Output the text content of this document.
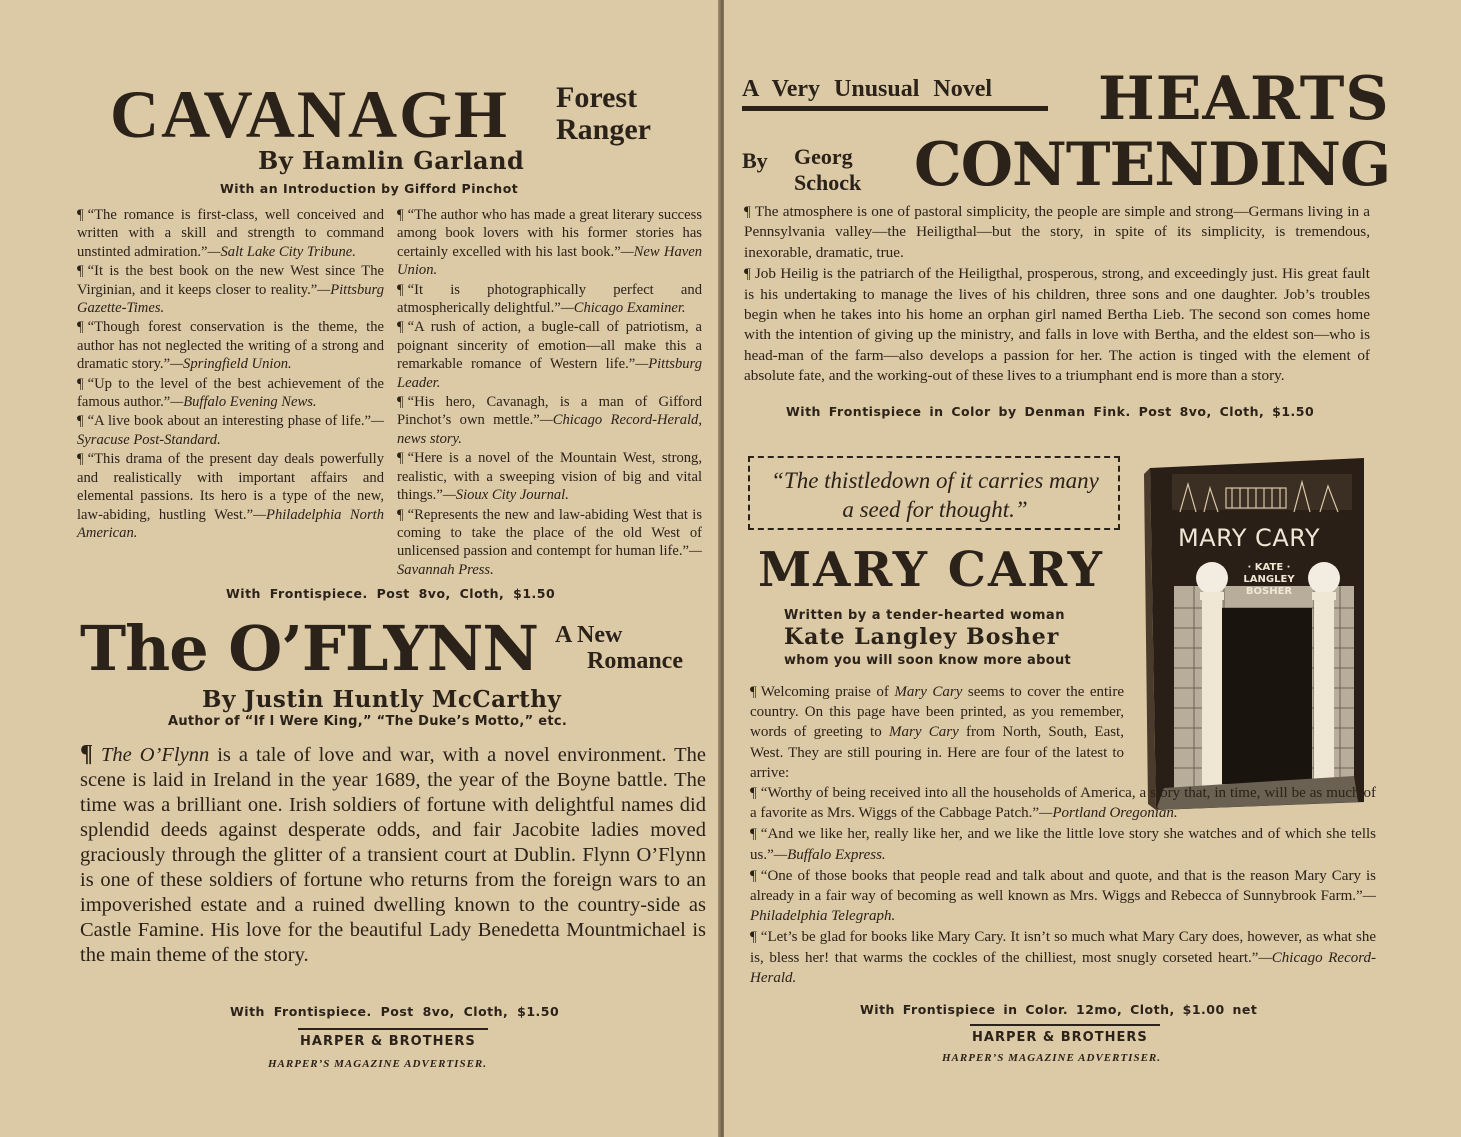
CAVANAGH Forest
Ranger
By Hamlin Garland
With an Introduction by Gifford Pinchot

¶ “The romance is first-class, well conceived and written with a skill and strength to command unstinted admiration.”—Salt Lake City Tribune.

¶ “It is the best book on the new West since The Virginian, and it keeps closer to reality.”—Pittsburg Gazette-Times.

¶ “Though forest conservation is the theme, the author has not neglected the writing of a strong and dramatic story.”—Springfield Union.

¶ “Up to the level of the best achievement of the famous author.”—Buffalo Evening News.

¶ “A live book about an interesting phase of life.”—Syracuse Post-Standard.

¶ “This drama of the present day deals powerfully and realistically with important affairs and elemental passions. Its hero is a type of the new, law-abiding, hustling West.”—Philadelphia North American.

¶ “The author who has made a great literary success among book lovers with his former stories has certainly excelled with his last book.”—New Haven Union.

¶ “It is photographically perfect and atmospherically delightful.”—Chicago Examiner.

¶ “A rush of action, a bugle-call of patriotism, a poignant sincerity of emotion—all make this a remarkable romance of Western life.”—Pittsburg Leader.

¶ “His hero, Cavanagh, is a man of Gifford Pinchot’s own mettle.”—Chicago Record-Herald, news story.

¶ “Here is a novel of the Mountain West, strong, realistic, with a sweeping vision of big and vital things.”—Sioux City Journal.

¶ “Represents the new and law-abiding West that is coming to take the place of the old West of unlicensed passion and contempt for human life.”—Savannah Press.

With Frontispiece. Post 8vo, Cloth, $1.50
The O’FLYNN A New
Romance
By Justin Huntly McCarthy
Author of “If I Were King,” “The Duke’s Motto,” etc.
¶ The O’Flynn is a tale of love and war, with a novel environment. The scene is laid in Ireland in the year 1689, the year of the Boyne battle. The time was a brilliant one. Irish soldiers of fortune with delightful names did splendid deeds against desperate odds, and fair Jacobite ladies moved graciously through the glitter of a transient court at Dublin. Flynn O’Flynn is one of these soldiers of fortune who returns from the foreign wars to an impoverished estate and a ruined dwelling known to the country-side as Castle Famine. His love for the beautiful Lady Benedetta Mountmichael is the main theme of the story.
With Frontispiece. Post 8vo, Cloth, $1.50
HARPER & BROTHERS
HARPER’S MAGAZINE ADVERTISER.
A Very Unusual Novel HEARTS
By Georg
Schock CONTENDING

¶ The atmosphere is one of pastoral simplicity, the people are simple and strong—Germans living in a Pennsylvania valley—the Heiligthal—but the story, in spite of its simplicity, is tremendous, inexorable, dramatic, true.

¶ Job Heilig is the patriarch of the Heiligthal, prosperous, strong, and exceedingly just. His great fault is his undertaking to manage the lives of his children, three sons and one daughter. Job’s troubles begin when he takes into his home an orphan girl named Bertha Lieb. The second son comes home with the intention of giving up the ministry, and falls in love with Bertha, and the eldest son—who is head-man of the farm—also develops a passion for her. The action is tinged with the element of absolute fate, and the working-out of these lives to a triumphant end is more than a story.

With Frontispiece in Color by Denman Fink. Post 8vo, Cloth, $1.50
“The thistledown of it carries many a seed for thought.”
MARY CARY
Written by a tender-hearted woman
Kate Langley Bosher
whom you will soon know more about
MARY CARY
· KATE ·
LANGLEY
BOSHER
¶ Welcoming praise of Mary Cary seems to cover the entire country. On this page have been printed, as you remember, words of greeting to Mary Cary from North, South, East, West. They are still pouring in. Here are four of the latest to arrive:

¶ “Worthy of being received into all the households of America, a story that, in time, will be as much of a favorite as Mrs. Wiggs of the Cabbage Patch.”—Portland Oregonian.

¶ “And we like her, really like her, and we like the little love story she watches and of which she tells us.”—Buffalo Express.

¶ “One of those books that people read and talk about and quote, and that is the reason Mary Cary is already in a fair way of becoming as well known as Mrs. Wiggs and Rebecca of Sunnybrook Farm.”—Philadelphia Telegraph.

¶ “Let’s be glad for books like Mary Cary. It isn’t so much what Mary Cary does, however, as what she is, bless her! that warms the cockles of the chilliest, most snugly corseted heart.”—Chicago Record-Herald.

With Frontispiece in Color. 12mo, Cloth, $1.00 net
HARPER & BROTHERS
HARPER’S MAGAZINE ADVERTISER.
